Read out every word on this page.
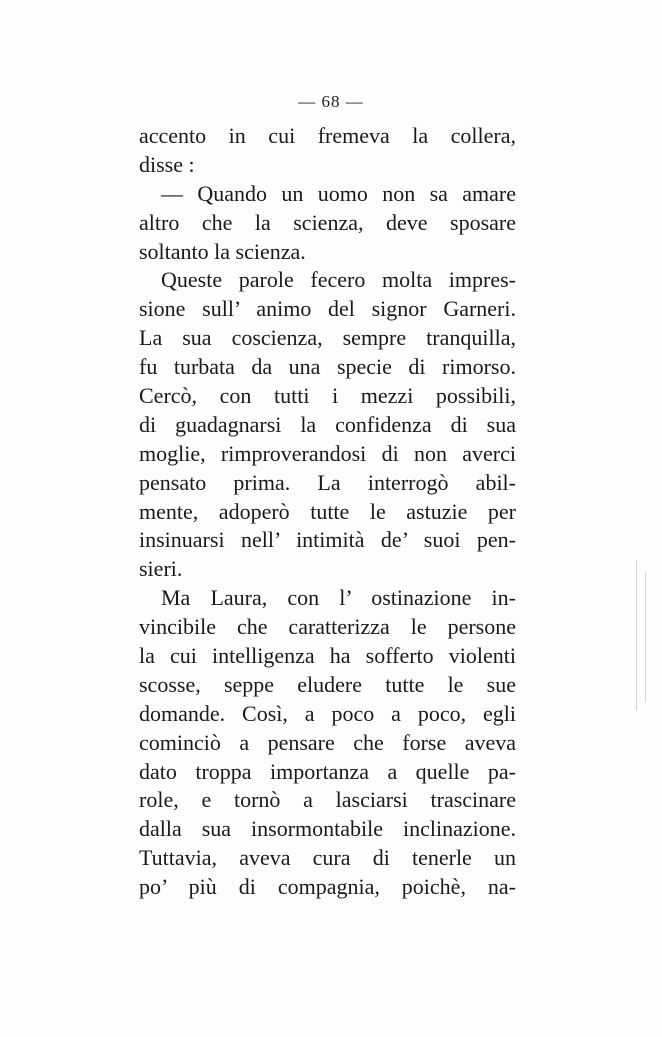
— 68 —
accento in cui fremeva la collera,
disse :
— Quando un uomo non sa amare
altro che la scienza, deve sposare
soltanto la scienza.
Queste parole fecero molta impres-
sione sull’ animo del signor Garneri.
La sua coscienza, sempre tranquilla,
fu turbata da una specie di rimorso.
Cercò, con tutti i mezzi possibili,
di guadagnarsi la confidenza di sua
moglie, rimproverandosi di non averci
pensato prima. La interrogò abil-
mente, adoperò tutte le astuzie per
insinuarsi nell’ intimità de’ suoi pen-
sieri.
Ma Laura, con l’ ostinazione in-
vincibile che caratterizza le persone
la cui intelligenza ha sofferto violenti
scosse, seppe eludere tutte le sue
domande. Così, a poco a poco, egli
cominciò a pensare che forse aveva
dato troppa importanza a quelle pa-
role, e tornò a lasciarsi trascinare
dalla sua insormontabile inclinazione.
Tuttavia, aveva cura di tenerle un
po’ più di compagnia, poichè, na-
